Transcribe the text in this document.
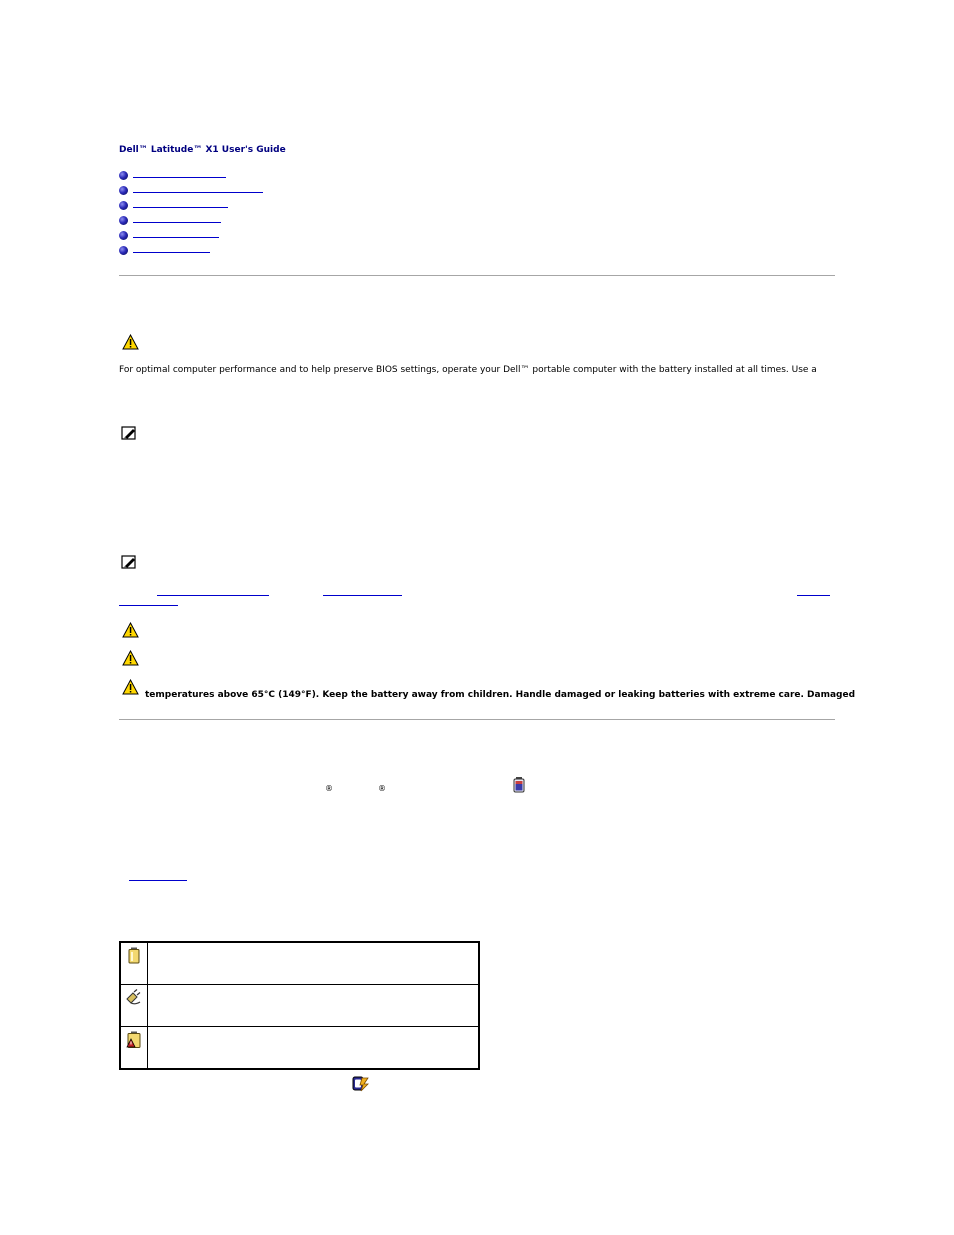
Dell™ Latitude™ X1 User's Guide
For optimal computer performance and to help preserve BIOS settings, operate your Dell™ portable computer with the battery installed at all times. Use a
temperatures above 65°C (149°F). Keep the battery away from children. Handle damaged or leaking batteries with extreme care. Damaged
®	®
